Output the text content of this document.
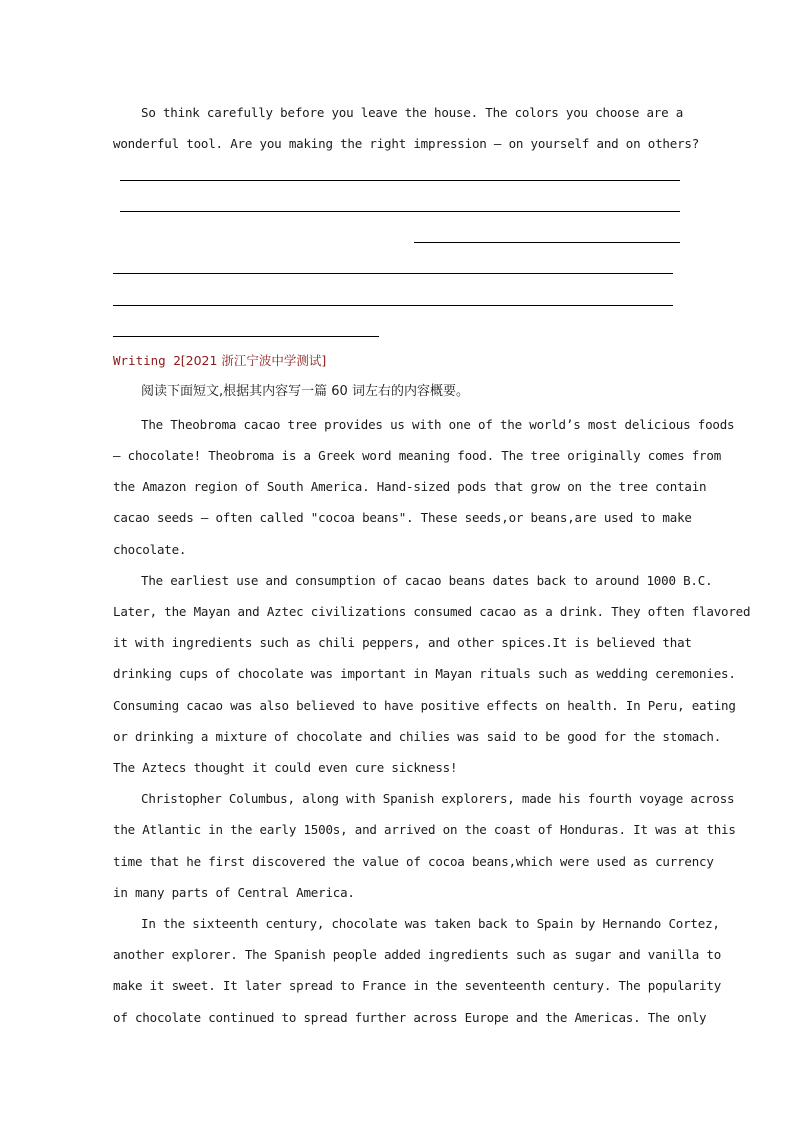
So think carefully before you leave the house. The colors you choose are a
wonderful tool. Are you making the right impression — on yourself and on others?
Writing 2[2021 浙江宁波中学测试]
阅读下面短文,根据其内容写一篇 60 词左右的内容概要。
The Theobroma cacao tree provides us with one of the world’s most delicious foods
— chocolate! Theobroma is a Greek word meaning food. The tree originally comes from
the Amazon region of South America. Hand-sized pods that grow on the tree contain
cacao seeds — often called "cocoa beans". These seeds,or beans,are used to make
chocolate.
The earliest use and consumption of cacao beans dates back to around 1000 B.C.
Later, the Mayan and Aztec civilizations consumed cacao as a drink. They often flavored
it with ingredients such as chili peppers, and other spices.It is believed that
drinking cups of chocolate was important in Mayan rituals such as wedding ceremonies.
Consuming cacao was also believed to have positive effects on health. In Peru, eating
or drinking a mixture of chocolate and chilies was said to be good for the stomach.
The Aztecs thought it could even cure sickness!
Christopher Columbus, along with Spanish explorers, made his fourth voyage across
the Atlantic in the early 1500s, and arrived on the coast of Honduras. It was at this
time that he first discovered the value of cocoa beans,which were used as currency
in many parts of Central America.
In the sixteenth century, chocolate was taken back to Spain by Hernando Cortez,
another explorer. The Spanish people added ingredients such as sugar and vanilla to
make it sweet. It later spread to France in the seventeenth century. The popularity
of chocolate continued to spread further across Europe and the Americas. The only
